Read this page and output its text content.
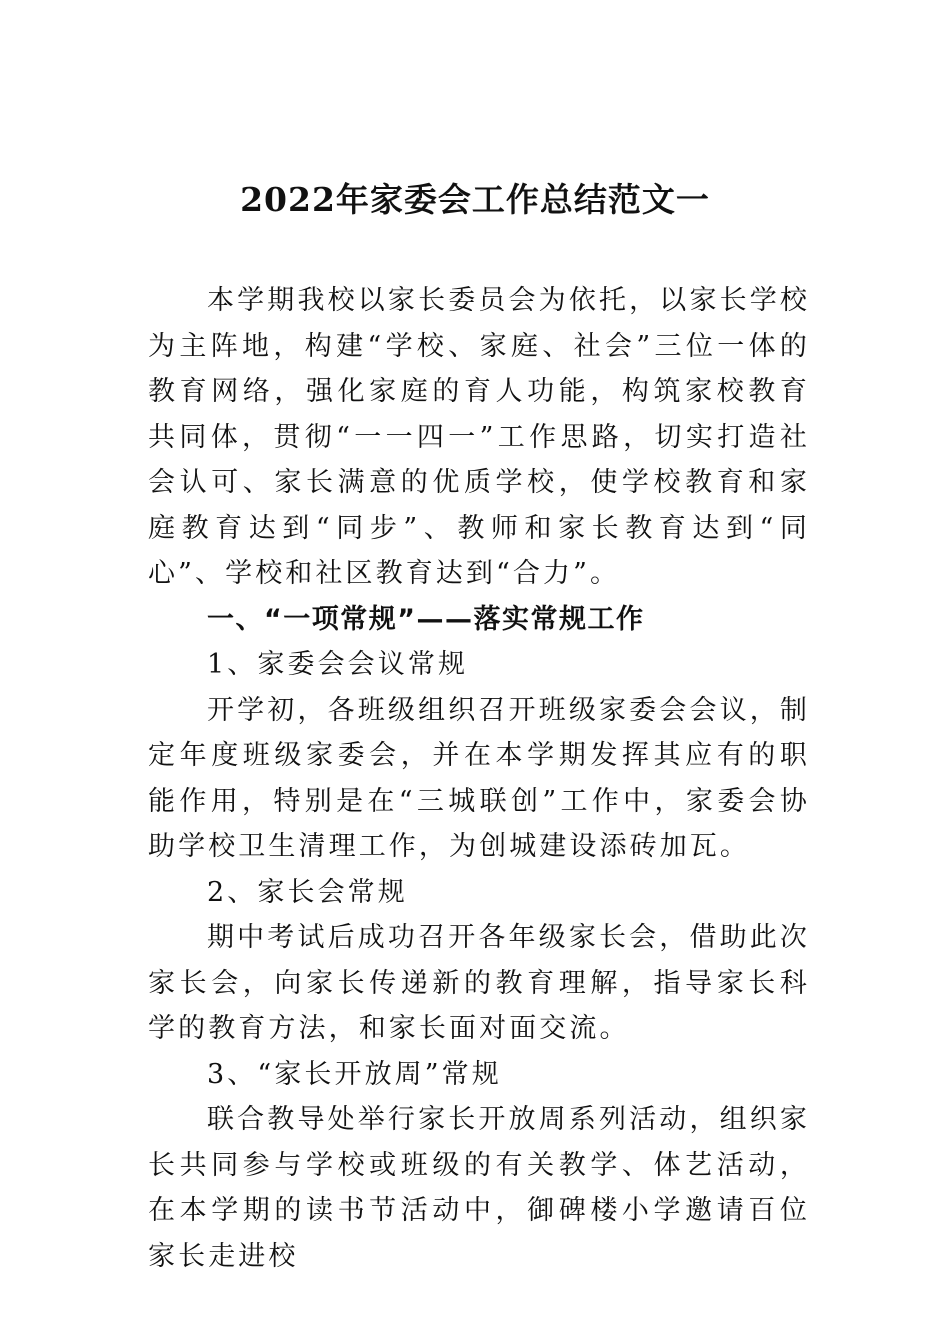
2022年家委会工作总结范文一

本学期我校以家长委员会为依托，以家长学校为主阵地，构建“学校、家庭、社会”三位一体的教育网络，强化家庭的育人功能，构筑家校教育共同体，贯彻“一一四一”工作思路，切实打造社会认可、家长满意的优质学校，使学校教育和家庭教育达到“同步”、教师和家长教育达到“同心”、学校和社区教育达到“合力”。

一、“一项常规”——落实常规工作

1、家委会会议常规

开学初，各班级组织召开班级家委会会议，制定年度班级家委会，并在本学期发挥其应有的职能作用，特别是在“三城联创”工作中，家委会协助学校卫生清理工作，为创城建设添砖加瓦。

2、家长会常规

期中考试后成功召开各年级家长会，借助此次家长会，向家长传递新的教育理解，指导家长科学的教育方法，和家长面对面交流。

3、“家长开放周”常规

联合教导处举行家长开放周系列活动，组织家长共同参与学校或班级的有关教学、体艺活动，在本学期的读书节活动中，御碑楼小学邀请百位家长走进校
